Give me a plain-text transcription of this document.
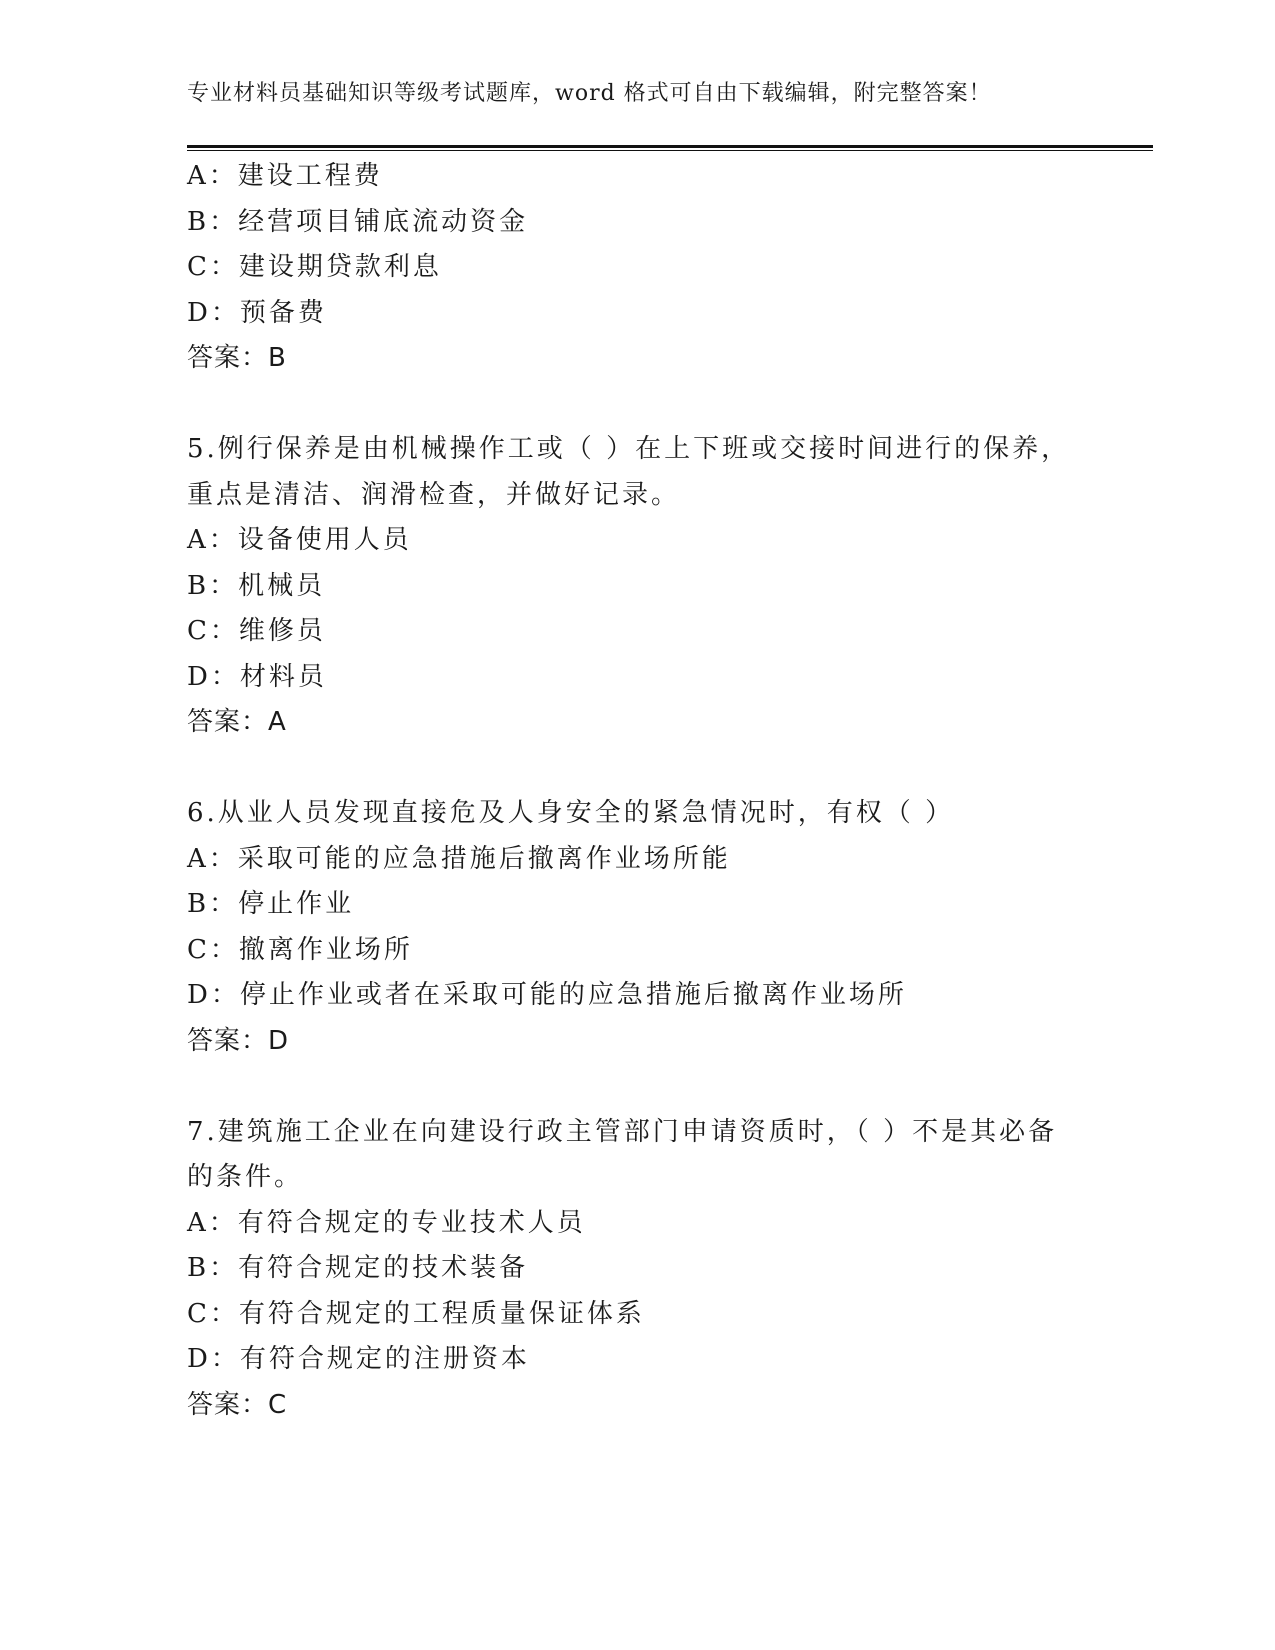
专业材料员基础知识等级考试题库，word 格式可自由下载编辑，附完整答案！
A：建设工程费
B：经营项目铺底流动资金
C：建设期贷款利息
D：预备费
答案：B
5.例行保养是由机械操作工或（ ）在上下班或交接时间进行的保养，
重点是清洁、润滑检查，并做好记录。
A：设备使用人员
B：机械员
C：维修员
D：材料员
答案：A
6.从业人员发现直接危及人身安全的紧急情况时，有权（ ）
A：采取可能的应急措施后撤离作业场所能
B：停止作业
C：撤离作业场所
D：停止作业或者在采取可能的应急措施后撤离作业场所
答案：D
7.建筑施工企业在向建设行政主管部门申请资质时，（ ）不是其必备
的条件。
A：有符合规定的专业技术人员
B：有符合规定的技术装备
C：有符合规定的工程质量保证体系
D：有符合规定的注册资本
答案：C
